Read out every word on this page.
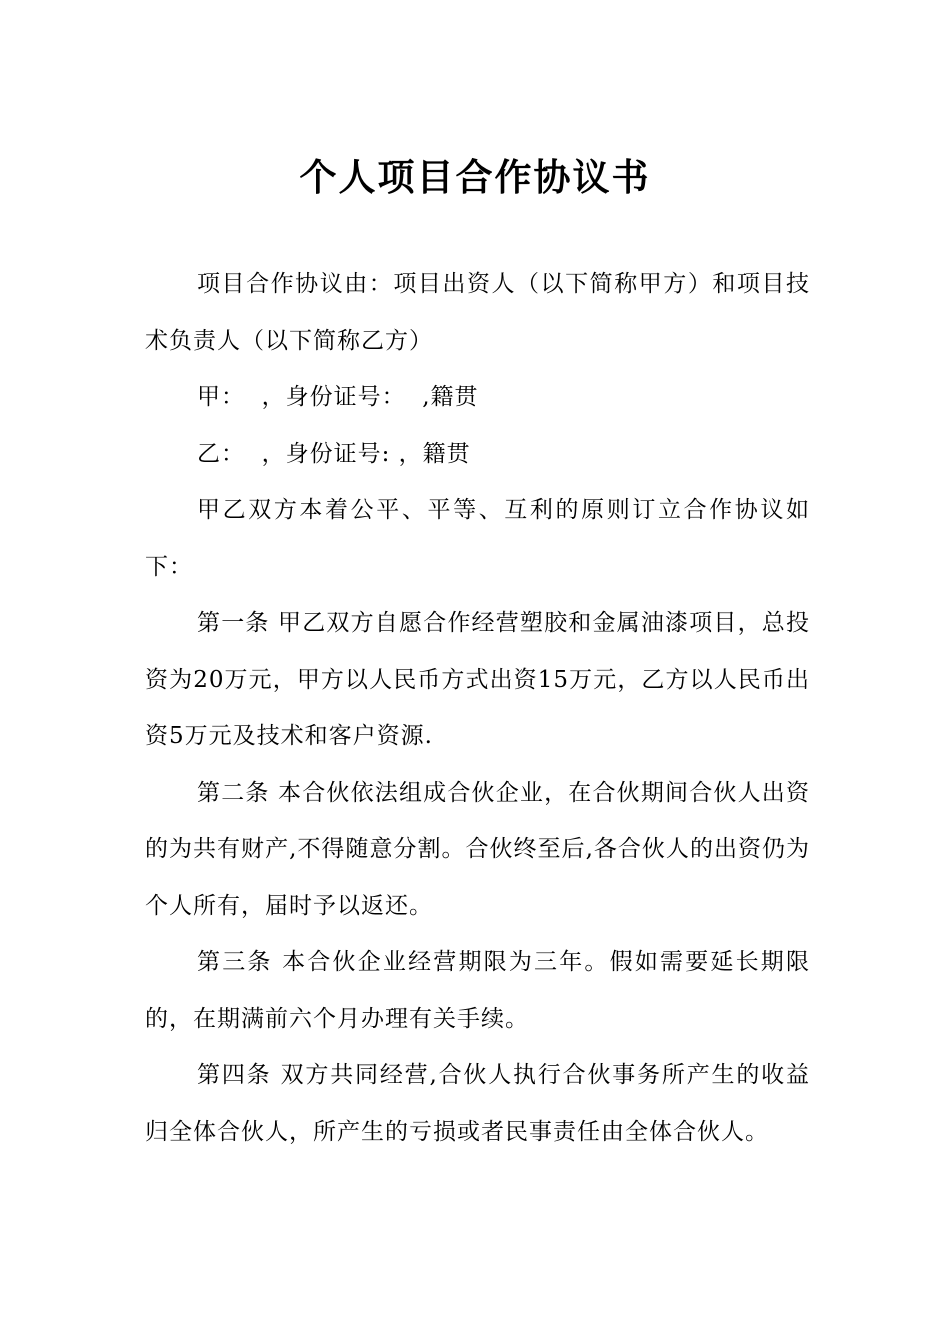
个人项目合作协议书

项目合作协议由：项目出资人（以下简称甲方）和项目技术负责人（以下简称乙方）

甲：  ，身份证号：  ,籍贯

乙：  ，身份证号: ，籍贯

甲乙双方本着公平、平等、互利的原则订立合作协议如下：

第一条 甲乙双方自愿合作经营塑胶和金属油漆项目，总投资为20万元，甲方以人民币方式出资15万元，乙方以人民币出资5万元及技术和客户资源.

第二条 本合伙依法组成合伙企业，在合伙期间合伙人出资的为共有财产,不得随意分割。合伙终至后,各合伙人的出资仍为个人所有，届时予以返还。

第三条 本合伙企业经营期限为三年。假如需要延长期限的，在期满前六个月办理有关手续。

第四条 双方共同经营,合伙人执行合伙事务所产生的收益归全体合伙人，所产生的亏损或者民事责任由全体合伙人。
